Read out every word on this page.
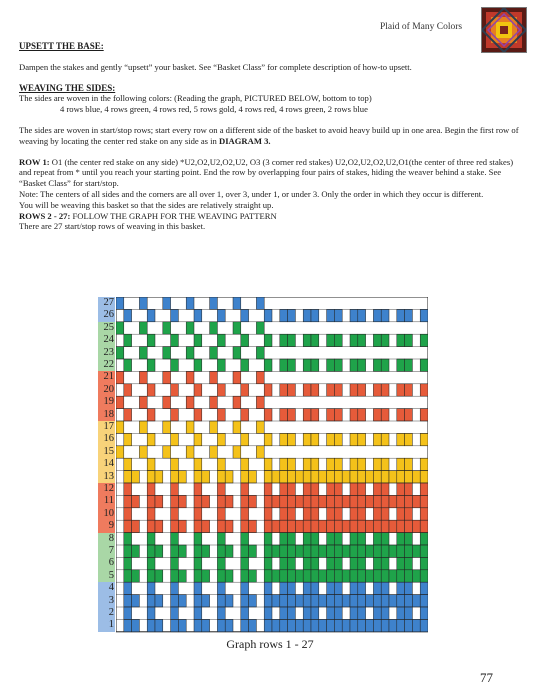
Plaid of Many Colors

UPSETT THE BASE:

Dampen the stakes and gently “upsett” your basket. See “Basket Class” for complete description of how-to upsett.

WEAVING THE SIDES:

The sides are woven in the following colors: (Reading the graph, PICTURED BELOW, bottom to top)

4 rows blue, 4 rows green, 4 rows red, 5 rows gold, 4 rows red, 4 rows green, 2 rows blue

The sides are woven in start/stop rows; start every row on a different side of the basket to avoid heavy build up in one area. Begin the first row of weaving by locating the center red stake on any side as in DIAGRAM 3.

ROW 1: O1 (the center red stake on any side) *U2,O2,U2,O2,U2, O3 (3 corner red stakes) U2,O2,U2,O2,U2,O1(the center of three red stakes) and repeat from * until you reach your starting point. End the row by overlapping four pairs of stakes, hiding the weaver behind a stake. See “Basket Class” for start/stop.

Note: The centers of all sides and the corners are all over 1, over 3, under 1, or under 3. Only the order in which they occur is different.

You will be weaving this basket so that the sides are relatively straight up.

ROWS 2 - 27: FOLLOW THE GRAPH FOR THE WEAVING PATTERN

There are 27 start/stop rows of weaving in this basket.

27
26
25
24
23
22
21
20
19
18
17
16
15
14
13
12
11
10
9
8
7
6
5
4
3
2
1
Graph rows 1 - 27
77
